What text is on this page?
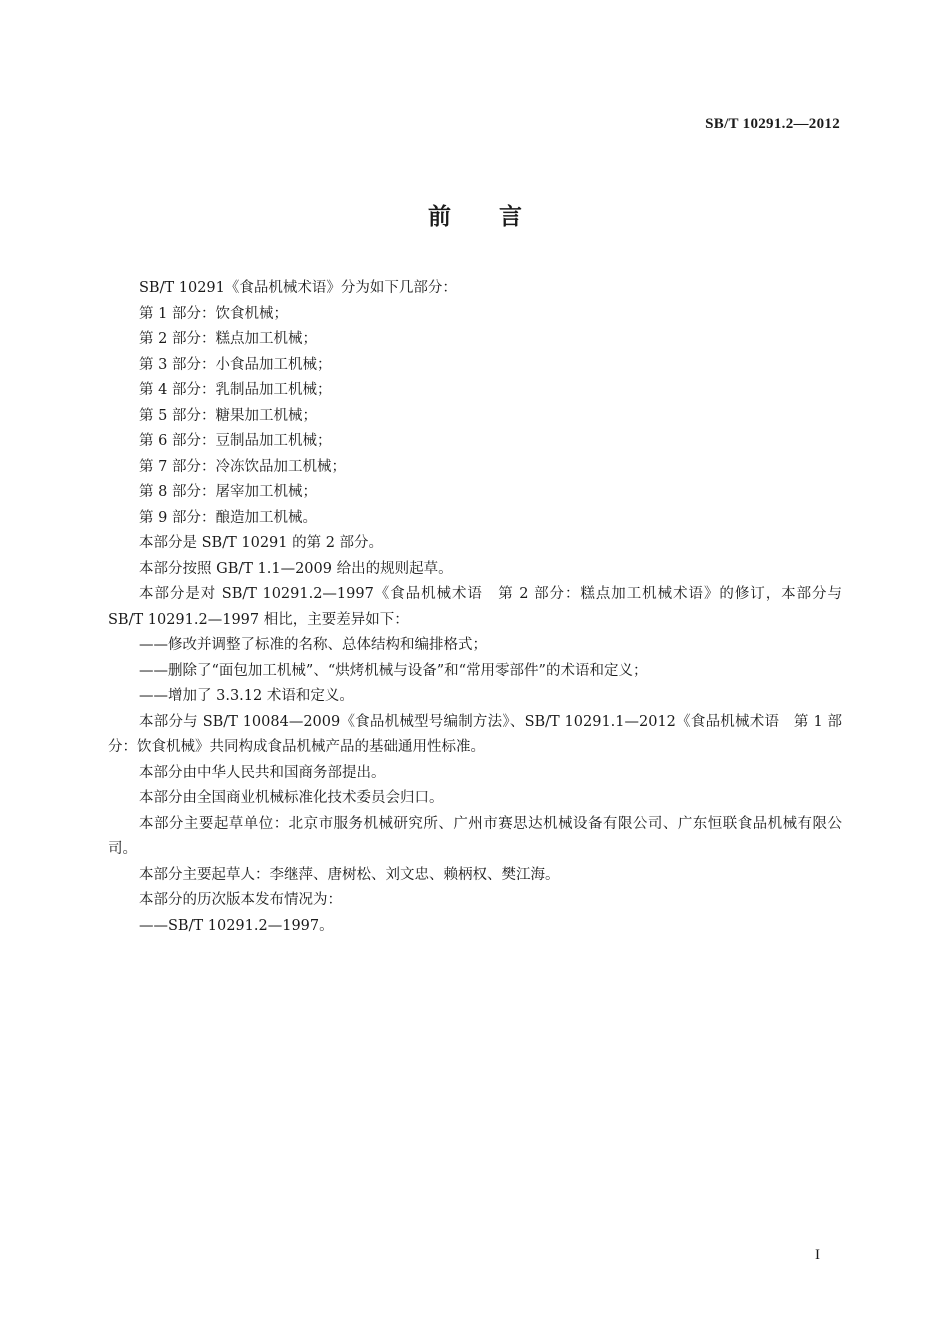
SB/T 10291.2—2012
前言

SB/T 10291《食品机械术语》分为如下几部分：

第 1 部分：饮食机械；

第 2 部分：糕点加工机械；

第 3 部分：小食品加工机械；

第 4 部分：乳制品加工机械；

第 5 部分：糖果加工机械；

第 6 部分：豆制品加工机械；

第 7 部分：冷冻饮品加工机械；

第 8 部分：屠宰加工机械；

第 9 部分：酿造加工机械。

本部分是 SB/T 10291 的第 2 部分。

本部分按照 GB/T 1.1—2009 给出的规则起草。

本部分是对 SB/T 10291.2—1997《食品机械术语　第 2 部分：糕点加工机械术语》的修订，本部分与 SB/T 10291.2—1997 相比，主要差异如下：

——修改并调整了标准的名称、总体结构和编排格式；

——删除了“面包加工机械”、“烘烤机械与设备”和“常用零部件”的术语和定义；

——增加了 3.3.12 术语和定义。

本部分与 SB/T 10084—2009《食品机械型号编制方法》、SB/T 10291.1—2012《食品机械术语　第 1 部分：饮食机械》共同构成食品机械产品的基础通用性标准。

本部分由中华人民共和国商务部提出。

本部分由全国商业机械标准化技术委员会归口。

本部分主要起草单位：北京市服务机械研究所、广州市赛思达机械设备有限公司、广东恒联食品机械有限公司。

本部分主要起草人：李继萍、唐树松、刘文忠、赖柄权、樊江海。

本部分的历次版本发布情况为：

——SB/T 10291.2—1997。

I
